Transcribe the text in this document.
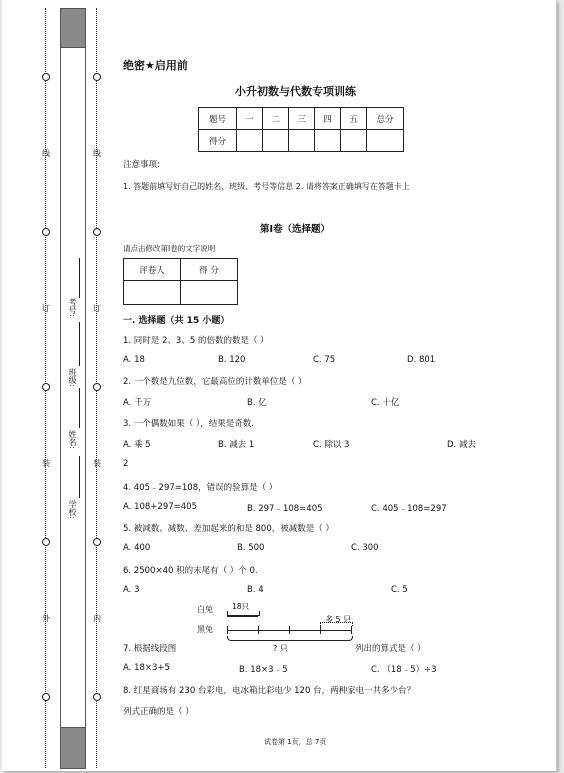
线
订
装
外
线
订
装
内
考号:
班级:
姓名:
学校:
绝密★启用前
小升初数与代数专项训练
题号	一	二	三	四	五	总分
得分						
注意事项:
1. 答题前填写好自己的姓名、班级、考号等信息 2. 请将答案正确填写在答题卡上
第Ⅰ卷（选择题）
请点击修改第I卷的文字说明
评卷人	得 分

一. 选择题（共 15 小题）
1. 同时是 2、3、5 的倍数的数是（ ）
A. 18	B. 120	C. 75	D. 801
2. 一个数是九位数，它最高位的计数单位是（ ）
A. 千万	B. 亿	C. 十亿
3. 一个偶数如果（ ），结果是奇数.
A. 乘 5	B. 减去 1	C. 除以 3	D. 减去
2
4. 405﹣297=108，错误的验算是（ ）
A. 108+297=405	B. 297﹣108=405	C. 405﹣108=297
5. 被减数、减数、差加起来的和是 800，被减数是（ ）
A. 400	B. 500	C. 300
6. 2500×40 积的末尾有（ ）个 0.
A. 3	B. 4	C. 5
白兔	18只
黑兔
多 5 只
? 只
7. 根据线段图	列出的算式是（ ）
A. 18×3+5	B. 18×3﹣5	C. （18﹣5）÷3
8. 红星商场有 230 台彩电，电冰箱比彩电少 120 台，两种家电一共多少台？
列式正确的是（ ）
试卷第 1页，总 7页
